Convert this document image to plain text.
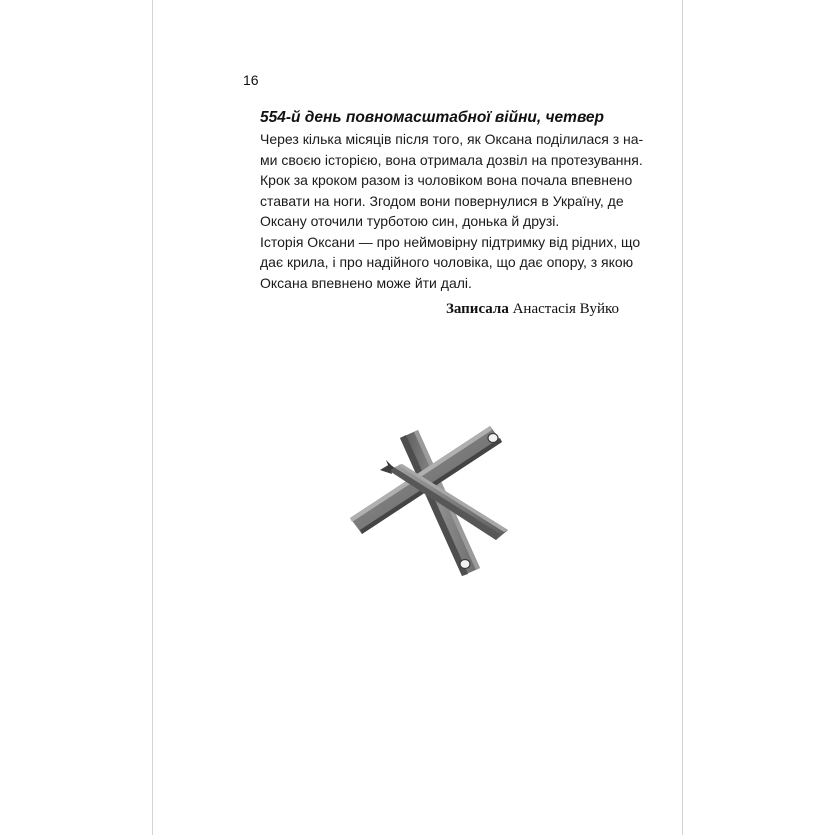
16

554-й день повномасштабної війни, четвер

Через кілька місяців після того, як Оксана поділилася з на-
ми своєю історією, вона отримала дозвіл на протезування.
Крок за кроком разом із чоловіком вона почала впевнено
ставати на ноги. Згодом вони повернулися в Україну, де
Оксану оточили турботою син, донька й друзі.
Історія Оксани — про неймовірну підтримку від рідних, що
дає крила, і про надійного чоловіка, що дає опору, з якою
Оксана впевнено може йти далі.

Записала Анастасія Вуйко
